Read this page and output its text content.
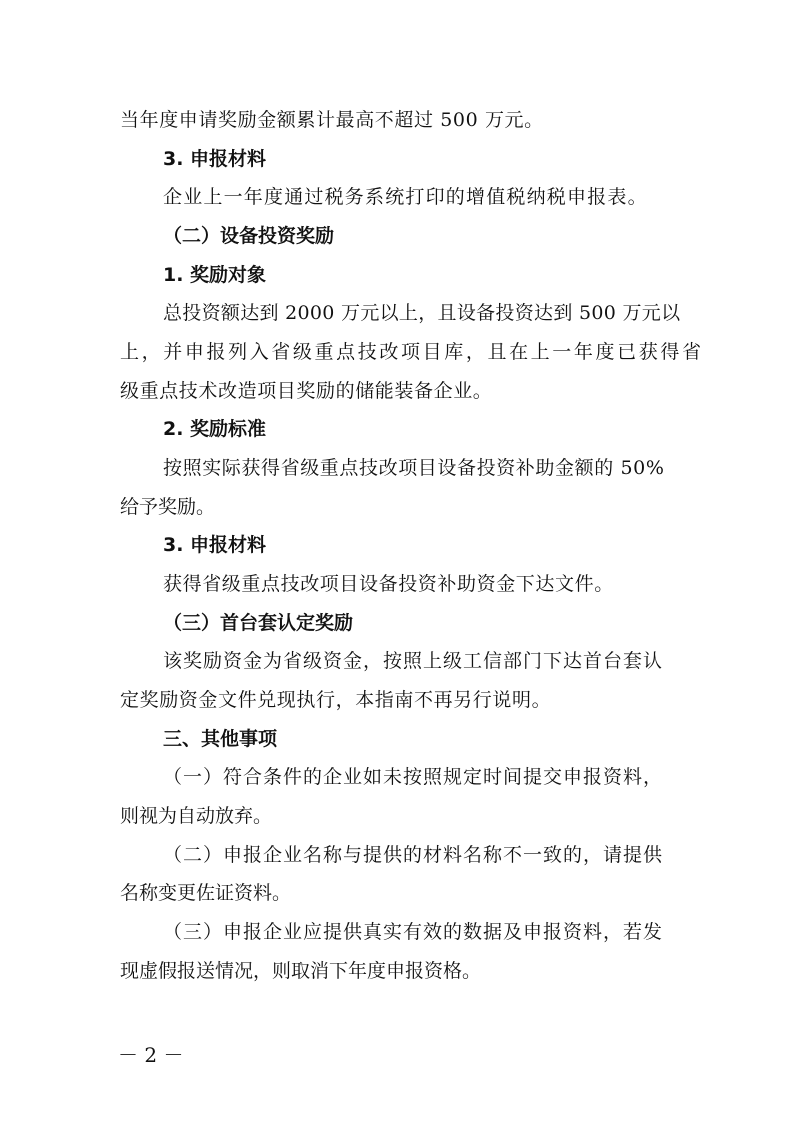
当年度申请奖励金额累计最高不超过 500 万元。
3. 申报材料
企业上一年度通过税务系统打印的增值税纳税申报表。
（二）设备投资奖励
1. 奖励对象
总投资额达到 2000 万元以上，且设备投资达到 500 万元以
上，并申报列入省级重点技改项目库，且在上一年度已获得省
级重点技术改造项目奖励的储能装备企业。
2. 奖励标准
按照实际获得省级重点技改项目设备投资补助金额的 50%
给予奖励。
3. 申报材料
获得省级重点技改项目设备投资补助资金下达文件。
（三）首台套认定奖励
该奖励资金为省级资金，按照上级工信部门下达首台套认
定奖励资金文件兑现执行，本指南不再另行说明。
三、其他事项
（一）符合条件的企业如未按照规定时间提交申报资料，
则视为自动放弃。
（二）申报企业名称与提供的材料名称不一致的，请提供
名称变更佐证资料。
（三）申报企业应提供真实有效的数据及申报资料，若发
现虚假报送情况，则取消下年度申报资格。
－ 2 －
